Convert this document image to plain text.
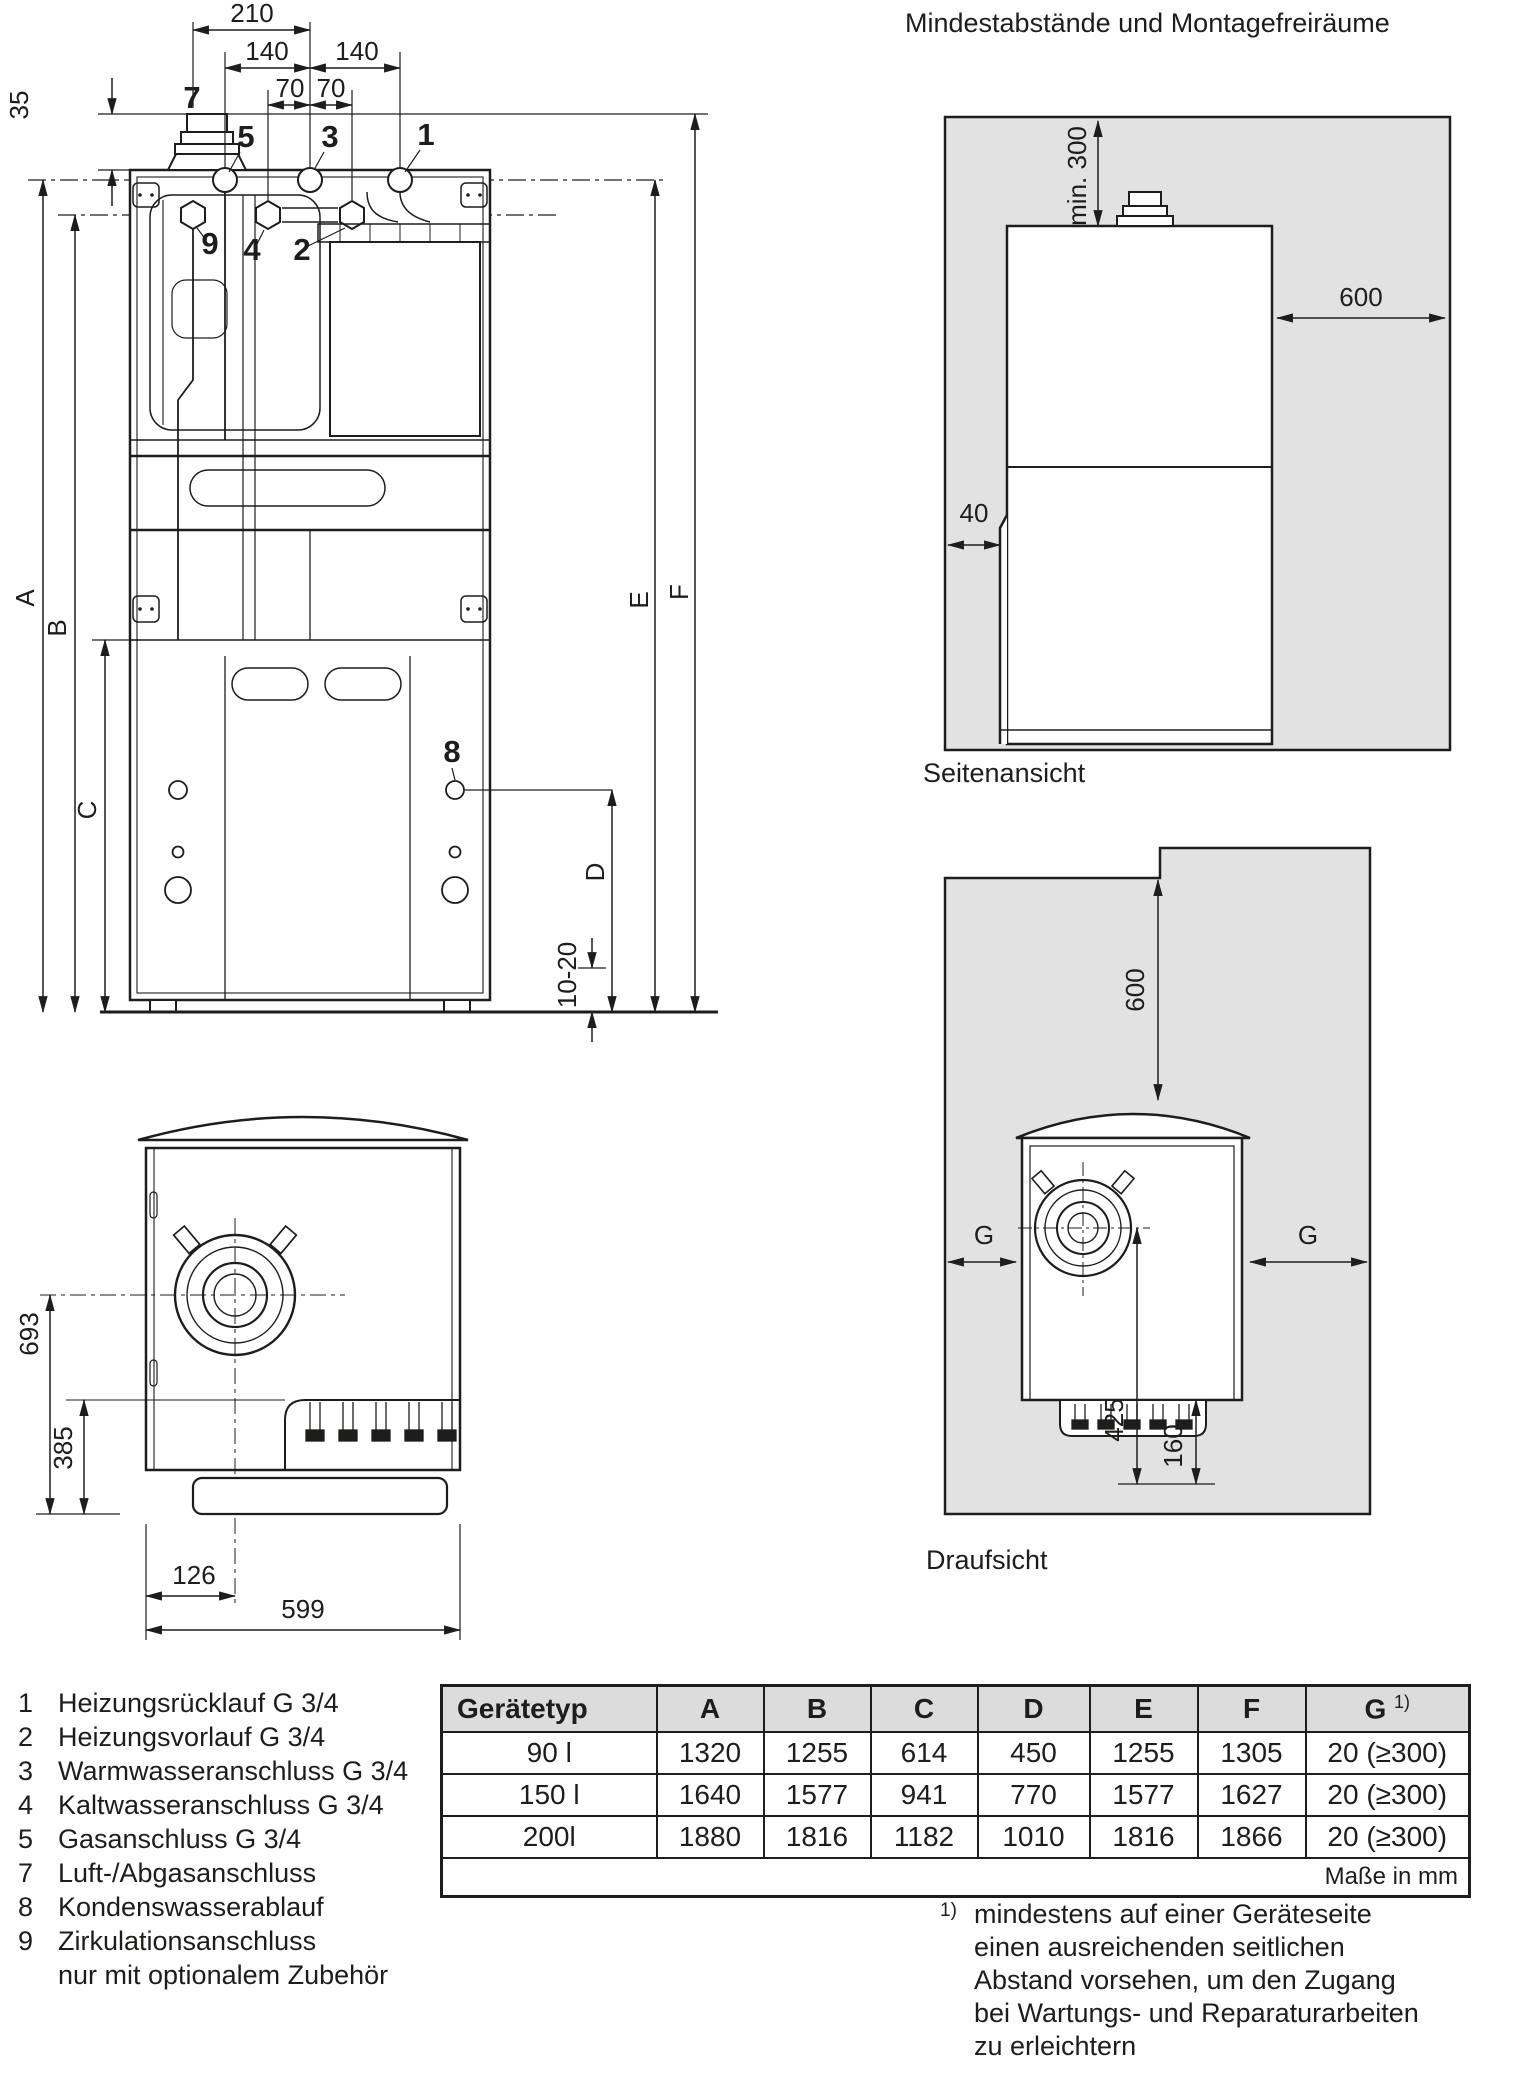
210
140 140
70 70
35	7
5 3	1
9 4 2
8
A
B
C
D
E F
10-20
min. 300
600
40
600
G	G
425
160
693
385
126
599
Mindestabstände und Montagefreiräume
Seitenansicht
Draufsicht
1 Heizungsrücklauf G 3/4
2 Heizungsvorlauf G 3/4
3 Warmwasseranschluss G 3/4
4 Kaltwasseranschluss G 3/4
5 Gasanschluss G 3/4
7 Luft-/Abgasanschluss
8 Kondenswasserablauf
9 Zirkulationsanschluss
nur mit optionalem Zubehör
Gerätetyp	A	B	C	D	E	F	G $^{1)}$
90 l	1320	1255	614	450	1255	1305	20 (≥300)
150 l	1640	1577	941	770	1577	1627	20 (≥300)
200l	1880	1816	1182	1010	1816	1866	20 (≥300)
Maße in mm							
1) mindestens auf einer Geräteseite
einen ausreichenden seitlichen
Abstand vorsehen, um den Zugang
bei Wartungs- und Reparaturarbeiten
zu erleichtern
